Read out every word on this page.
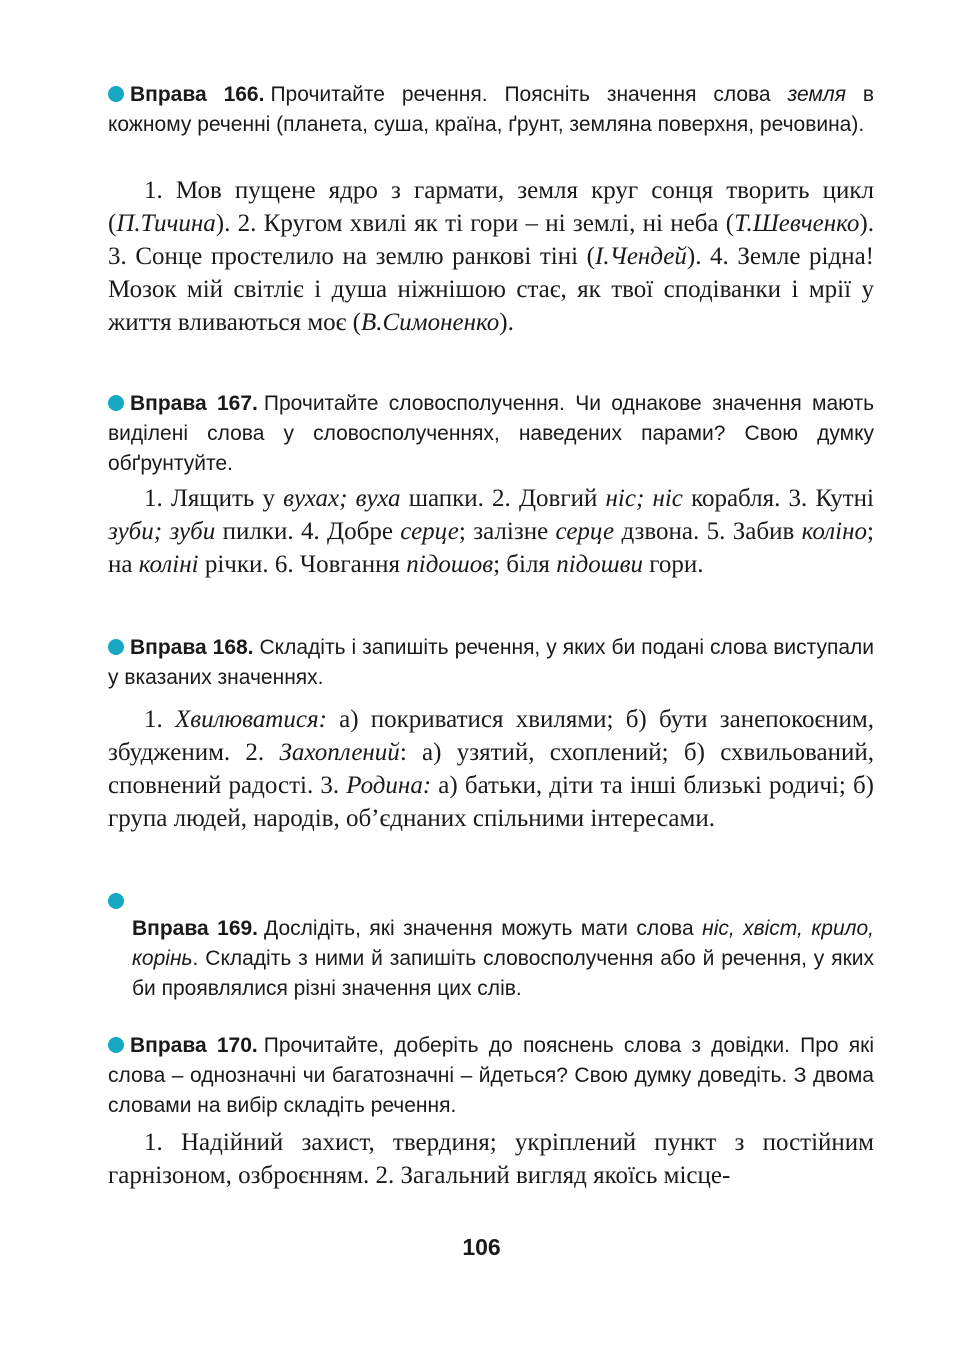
Вправа 166. Прочитайте речення. Поясніть значення слова земля в кожному реченні (планета, суша, країна, ґрунт, земляна поверхня, речовина).
1. Мов пущене ядро з гармати, земля круг сонця творить цикл (П.Тичина). 2. Кругом хвилі як ті гори – ні землі, ні неба (Т.Шевченко). 3. Сонце простелило на землю ранкові тіні (І.Чендей). 4. Земле рідна! Мозок мій світліє і душа ніжнішою стає, як твої сподіванки і мрії у життя вливаються моє (В.Симоненко).
Вправа 167. Прочитайте словосполучення. Чи однакове значення мають виділені слова у словосполученнях, наведених парами? Свою думку обґрунтуйте.
1. Лящить у вухах; вуха шапки. 2. Довгий ніс; ніс корабля. 3. Кутні зуби; зуби пилки. 4. Добре серце; залізне серце дзвона. 5. Забив коліно; на коліні річки. 6. Човгання підошов; біля підошви гори.
Вправа 168. Складіть і запишіть речення, у яких би подані слова виступали у вказаних значеннях.
1. Хвилюватися: а) покриватися хвилями; б) бути занепокоєним, збудженим. 2. Захоплений: а) узятий, схоплений; б) схвильований, сповнений радості. 3. Родина: а) батьки, діти та інші близькі родичі; б) група людей, народів, об’єднаних спільними інтересами.
Вправа 169. Дослідіть, які значення можуть мати слова ніс, хвіст, крило, корінь. Складіть з ними й запишіть словосполучення або й речення, у яких би проявлялися різні значення цих слів.
Вправа 170. Прочитайте, доберіть до пояснень слова з довідки. Про які слова – однозначні чи багатозначні – йдеться? Свою думку доведіть. З двома словами на вибір складіть речення.
1. Надійний захист, твердиня; укріплений пункт з постійним гарнізоном, озброєнням. 2. Загальний вигляд якоїсь місце-
106
